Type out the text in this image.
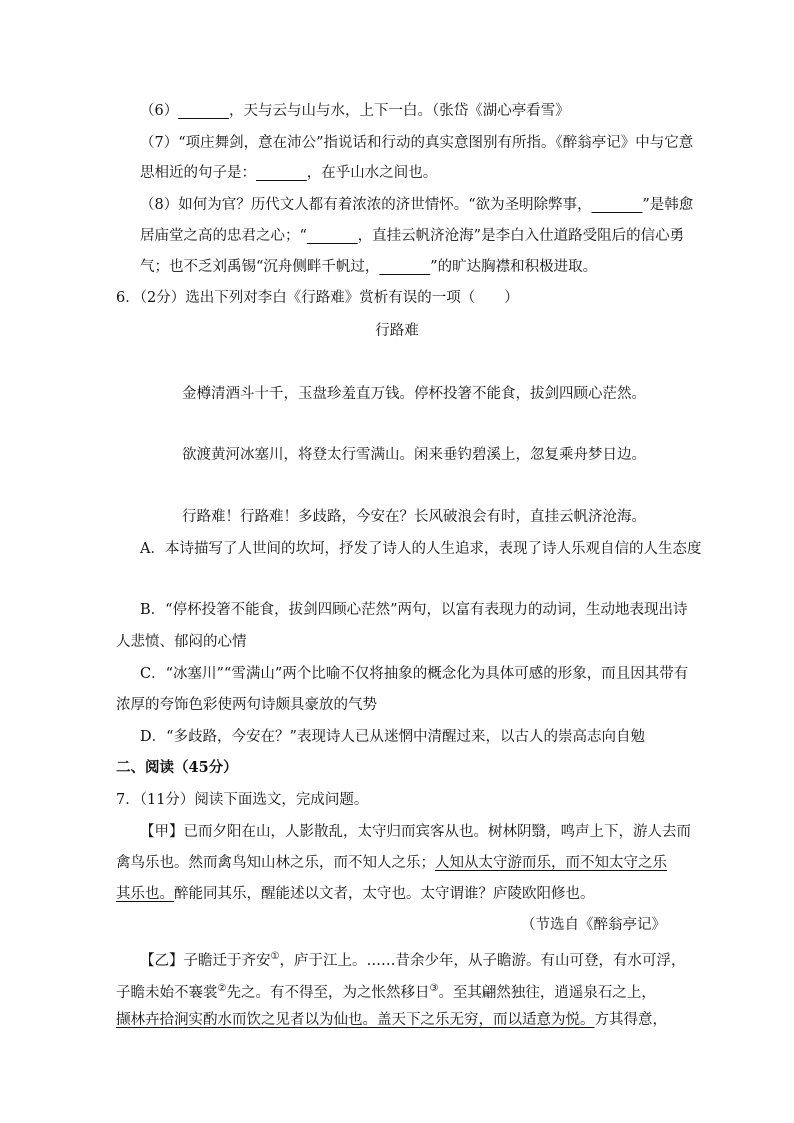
（6）_______，天与云与山与水，上下一白。（张岱《湖心亭看雪》
（7）“项庄舞剑，意在沛公”指说话和行动的真实意图别有所指。《醉翁亭记》中与它意
思相近的句子是：_______，在乎山水之间也。
（8）如何为官？历代文人都有着浓浓的济世情怀。“欲为圣明除弊事，_______”是韩愈
居庙堂之高的忠君之心；“_______，直挂云帆济沧海”是李白入仕道路受阻后的信心勇
气；也不乏刘禹锡“沉舟侧畔千帆过，_______”的旷达胸襟和积极进取。
6．（2分）选出下列对李白《行路难》赏析有误的一项（　　）
行路难
金樽清酒斗十千，玉盘珍羞直万钱。停杯投箸不能食，拔剑四顾心茫然。
欲渡黄河冰塞川，将登太行雪满山。闲来垂钓碧溪上，忽复乘舟梦日边。
行路难！行路难！多歧路，今安在？长风破浪会有时，直挂云帆济沧海。
A．本诗描写了人世间的坎坷，抒发了诗人的人生追求，表现了诗人乐观自信的人生态度
B．“停杯投箸不能食，拔剑四顾心茫然”两句，以富有表现力的动词，生动地表现出诗
人悲愤、郁闷的心情
C．“冰塞川”“雪满山”两个比喻不仅将抽象的概念化为具体可感的形象，而且因其带有
浓厚的夸饰色彩使两句诗颇具豪放的气势
D．“多歧路，今安在？”表现诗人已从迷惘中清醒过来，以古人的崇高志向自勉
二、阅读（45分）
7．（11分）阅读下面选文，完成问题。
【甲】已而夕阳在山，人影散乱，太守归而宾客从也。树林阴翳，鸣声上下，游人去而
禽鸟乐也。然而禽鸟知山林之乐，而不知人之乐；人知从太守游而乐，而不知太守之乐
其乐也。醉能同其乐，醒能述以文者，太守也。太守谓谁？庐陵欧阳修也。
（节选自《醉翁亭记》
【乙】子瞻迁于齐安①，庐于江上。……昔余少年，从子瞻游。有山可登，有水可浮，
子瞻未始不褰裳②先之。有不得至，为之怅然移日③。至其翩然独往，逍遥泉石之上，
撷林卉拾涧实酌水而饮之见者以为仙也。盖天下之乐无穷，而以适意为悦。方其得意，
